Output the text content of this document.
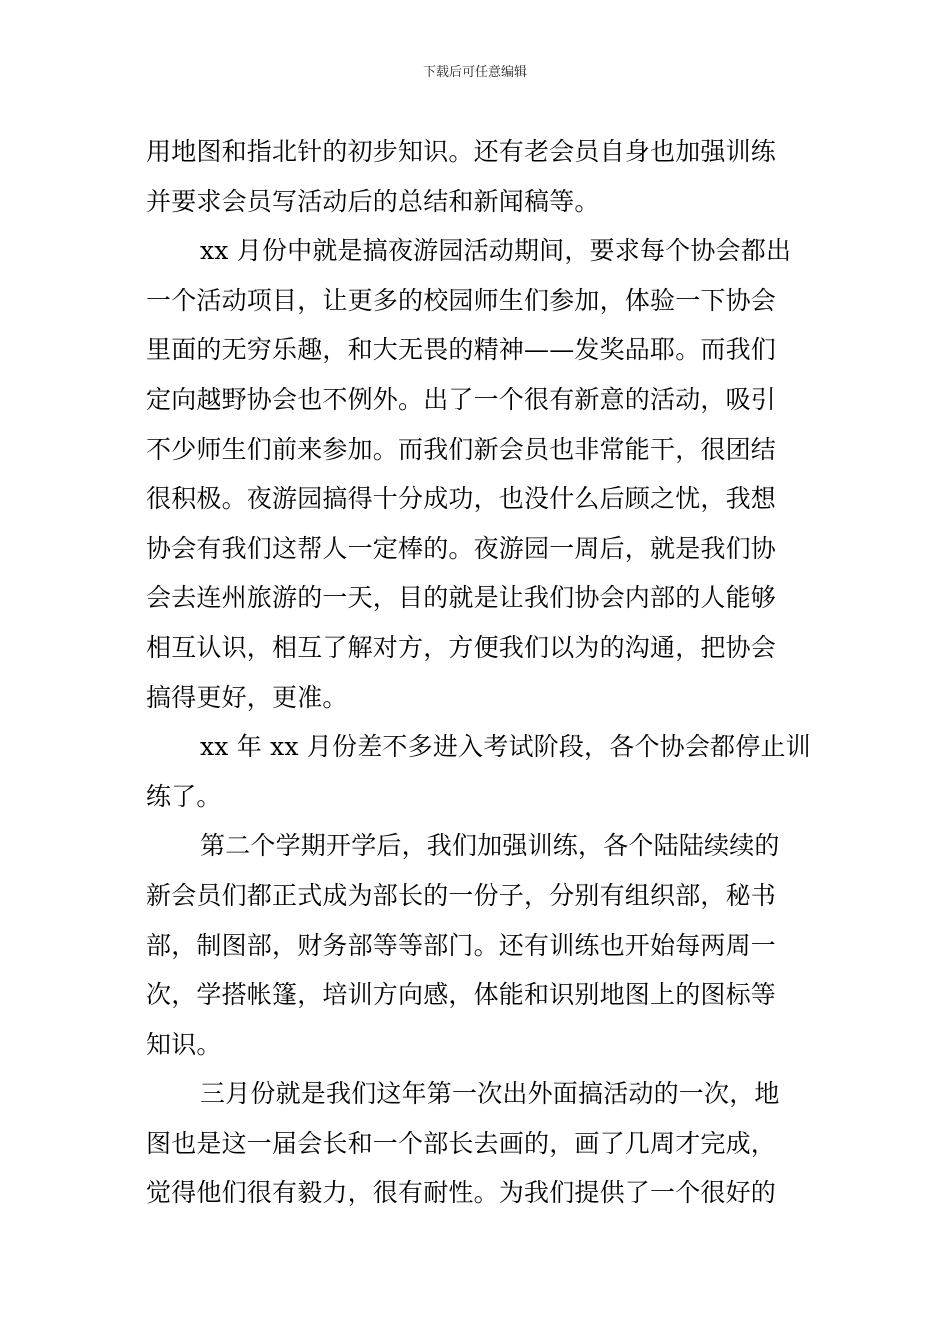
下载后可任意编辑
用地图和指北针的初步知识。还有老会员自身也加强训练
并要求会员写活动后的总结和新闻稿等。
xx 月份中就是搞夜游园活动期间，要求每个协会都出
一个活动项目，让更多的校园师生们参加，体验一下协会
里面的无穷乐趣，和大无畏的精神——发奖品耶。而我们
定向越野协会也不例外。出了一个很有新意的活动，吸引
不少师生们前来参加。而我们新会员也非常能干，很团结
很积极。夜游园搞得十分成功，也没什么后顾之忧，我想
协会有我们这帮人一定棒的。夜游园一周后，就是我们协
会去连州旅游的一天，目的就是让我们协会内部的人能够
相互认识，相互了解对方，方便我们以为的沟通，把协会
搞得更好，更准。
xx 年 xx 月份差不多进入考试阶段，各个协会都停止训
练了。
第二个学期开学后，我们加强训练，各个陆陆续续的
新会员们都正式成为部长的一份子，分别有组织部，秘书
部，制图部，财务部等等部门。还有训练也开始每两周一
次，学搭帐篷，培训方向感，体能和识别地图上的图标等
知识。
三月份就是我们这年第一次出外面搞活动的一次，地
图也是这一届会长和一个部长去画的，画了几周才完成，
觉得他们很有毅力，很有耐性。为我们提供了一个很好的
